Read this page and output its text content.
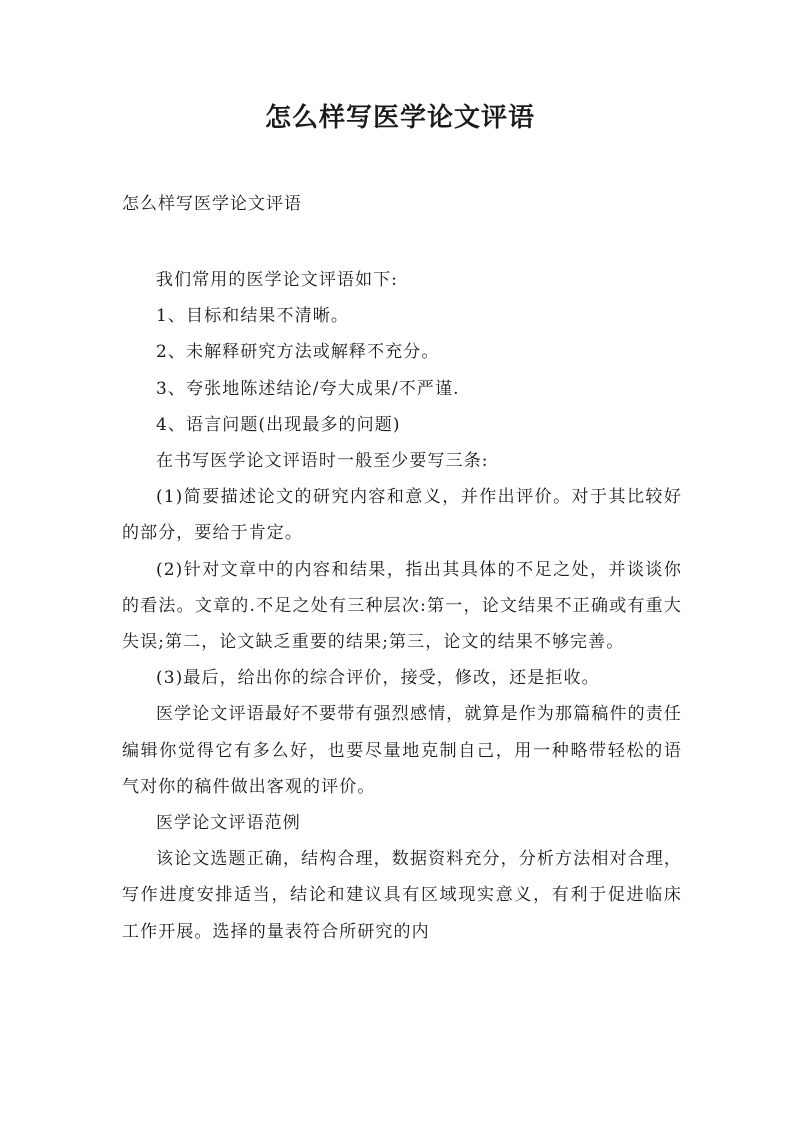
怎么样写医学论文评语
怎么样写医学论文评语

我们常用的医学论文评语如下:

1、目标和结果不清晰。

2、未解释研究方法或解释不充分。

3、夸张地陈述结论/夸大成果/不严谨.

4、语言问题(出现最多的问题)

在书写医学论文评语时一般至少要写三条:

(1)简要描述论文的研究内容和意义，并作出评价。对于其比较好的部分，要给于肯定。

(2)针对文章中的内容和结果，指出其具体的不足之处，并谈谈你的看法。文章的.不足之处有三种层次:第一，论文结果不正确或有重大失误;第二，论文缺乏重要的结果;第三，论文的结果不够完善。

(3)最后，给出你的综合评价，接受，修改，还是拒收。

医学论文评语最好不要带有强烈感情，就算是作为那篇稿件的责任编辑你觉得它有多么好，也要尽量地克制自己，用一种略带轻松的语气对你的稿件做出客观的评价。

医学论文评语范例

该论文选题正确，结构合理，数据资料充分，分析方法相对合理，写作进度安排适当，结论和建议具有区域现实意义，有利于促进临床工作开展。选择的量表符合所研究的内
